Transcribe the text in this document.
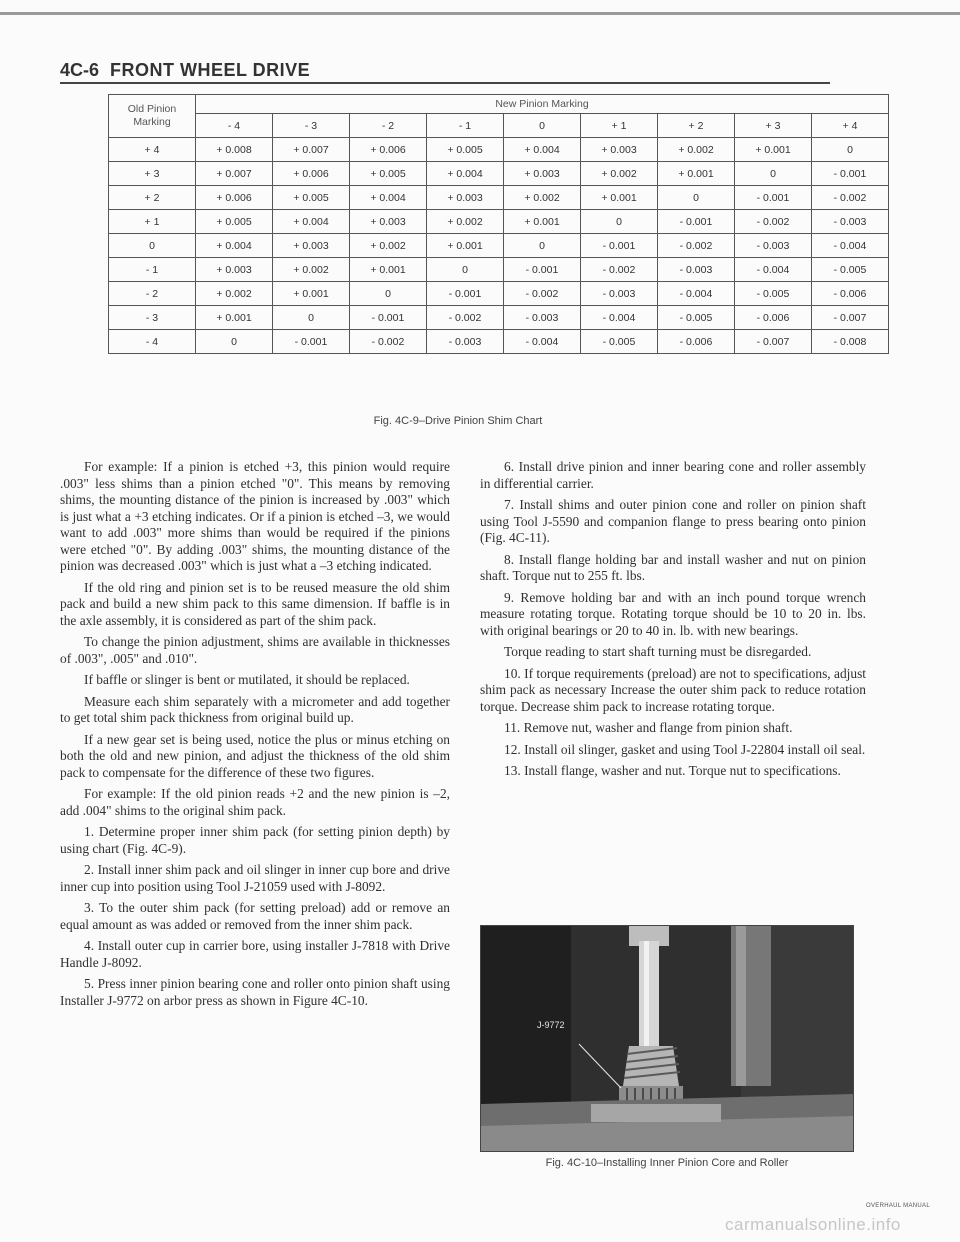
4C-6 FRONT WHEEL DRIVE
Old Pinion
Marking	New Pinion Marking								
	- 4	- 3	- 2	- 1	0	+ 1	+ 2	+ 3	+ 4
+ 4	+ 0.008	+ 0.007	+ 0.006	+ 0.005	+ 0.004	+ 0.003	+ 0.002	+ 0.001	0
+ 3	+ 0.007	+ 0.006	+ 0.005	+ 0.004	+ 0.003	+ 0.002	+ 0.001	0	- 0.001
+ 2	+ 0.006	+ 0.005	+ 0.004	+ 0.003	+ 0.002	+ 0.001	0	- 0.001	- 0.002
+ 1	+ 0.005	+ 0.004	+ 0.003	+ 0.002	+ 0.001	0	- 0.001	- 0.002	- 0.003
0	+ 0.004	+ 0.003	+ 0.002	+ 0.001	0	- 0.001	- 0.002	- 0.003	- 0.004
- 1	+ 0.003	+ 0.002	+ 0.001	0	- 0.001	- 0.002	- 0.003	- 0.004	- 0.005
- 2	+ 0.002	+ 0.001	0	- 0.001	- 0.002	- 0.003	- 0.004	- 0.005	- 0.006
- 3	+ 0.001	0	- 0.001	- 0.002	- 0.003	- 0.004	- 0.005	- 0.006	- 0.007
- 4	0	- 0.001	- 0.002	- 0.003	- 0.004	- 0.005	- 0.006	- 0.007	- 0.008
Fig. 4C-9–Drive Pinion Shim Chart

For example: If a pinion is etched +3, this pinion would require .003" less shims than a pinion etched "0". This means by removing shims, the mounting distance of the pinion is increased by .003" which is just what a +3 etching indicates. Or if a pinion is etched –3, we would want to add .003" more shims than would be required if the pinions were etched "0". By adding .003" shims, the mounting distance of the pinion was decreased .003" which is just what a –3 etching indicated.

If the old ring and pinion set is to be reused measure the old shim pack and build a new shim pack to this same dimension. If baffle is in the axle assembly, it is considered as part of the shim pack.

To change the pinion adjustment, shims are available in thicknesses of .003", .005" and .010".

If baffle or slinger is bent or mutilated, it should be replaced.

Measure each shim separately with a micrometer and add together to get total shim pack thickness from original build up.

If a new gear set is being used, notice the plus or minus etching on both the old and new pinion, and adjust the thickness of the old shim pack to compensate for the difference of these two figures.

For example: If the old pinion reads +2 and the new pinion is –2, add .004" shims to the original shim pack.

1. Determine proper inner shim pack (for setting pinion depth) by using chart (Fig. 4C-9).

2. Install inner shim pack and oil slinger in inner cup bore and drive inner cup into position using Tool J-21059 used with J-8092.

3. To the outer shim pack (for setting preload) add or remove an equal amount as was added or removed from the inner shim pack.

4. Install outer cup in carrier bore, using installer J-7818 with Drive Handle J-8092.

5. Press inner pinion bearing cone and roller onto pinion shaft using Installer J-9772 on arbor press as shown in Figure 4C-10.

6. Install drive pinion and inner bearing cone and roller assembly in differential carrier.

7. Install shims and outer pinion cone and roller on pinion shaft using Tool J-5590 and companion flange to press bearing onto pinion (Fig. 4C-11).

8. Install flange holding bar and install washer and nut on pinion shaft. Torque nut to 255 ft. lbs.

9. Remove holding bar and with an inch pound torque wrench measure rotating torque. Rotating torque should be 10 to 20 in. lbs. with original bearings or 20 to 40 in. lb. with new bearings.

Torque reading to start shaft turning must be disregarded.

10. If torque requirements (preload) are not to specifications, adjust shim pack as necessary Increase the outer shim pack to reduce rotation torque. Decrease shim pack to increase rotating torque.

11. Remove nut, washer and flange from pinion shaft.

12. Install oil slinger, gasket and using Tool J-22804 install oil seal.

13. Install flange, washer and nut. Torque nut to specifications.

J-9772
Fig. 4C-10–Installing Inner Pinion Core and Roller
OVERHAUL MANUAL
carmanualsonline.info
